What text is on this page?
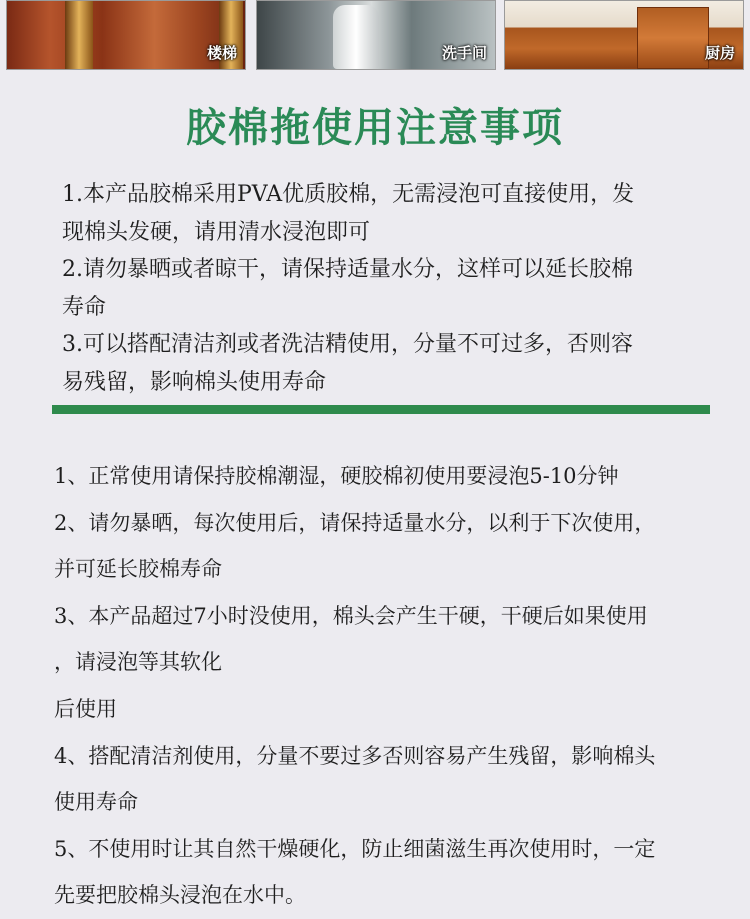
楼梯	洗手间	厨房
胶棉拖使用注意事项
1.本产品胶棉采用PVA优质胶棉，无需浸泡可直接使用，发
现棉头发硬，请用清水浸泡即可
2.请勿暴晒或者晾干，请保持适量水分，这样可以延长胶棉
寿命
3.可以搭配清洁剂或者洗洁精使用，分量不可过多，否则容
易残留，影响棉头使用寿命
1、正常使用请保持胶棉潮湿，硬胶棉初使用要浸泡5-10分钟
2、请勿暴晒，每次使用后，请保持适量水分，以利于下次使用，
并可延长胶棉寿命
3、本产品超过7小时没使用，棉头会产生干硬，干硬后如果使用
，请浸泡等其软化
后使用
4、搭配清洁剂使用，分量不要过多否则容易产生残留，影响棉头
使用寿命
5、不使用时让其自然干燥硬化，防止细菌滋生再次使用时，一定
先要把胶棉头浸泡在水中。
